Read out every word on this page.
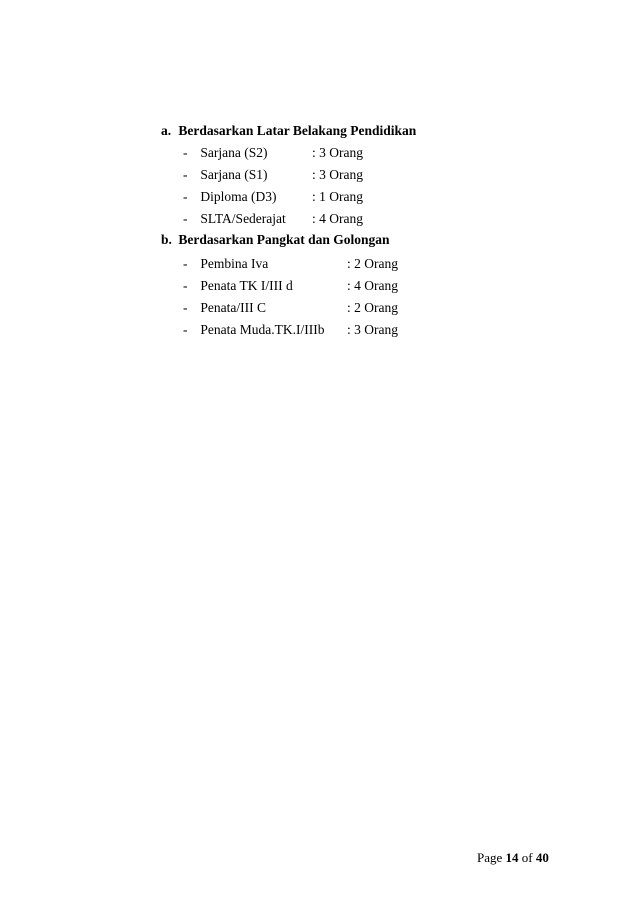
a. Berdasarkan Latar Belakang Pendidikan
- Sarjana (S2)	: 3 Orang
- Sarjana (S1)	: 3 Orang
- Diploma (D3)	: 1 Orang
- SLTA/Sederajat : 4 Orang
b. Berdasarkan Pangkat dan Golongan
- Pembina Iva	: 2 Orang
- Penata TK I/III d	: 4 Orang
- Penata/III C	: 2 Orang
- Penata Muda.TK.I/IIIb : 3 Orang
Page 14 of 40
